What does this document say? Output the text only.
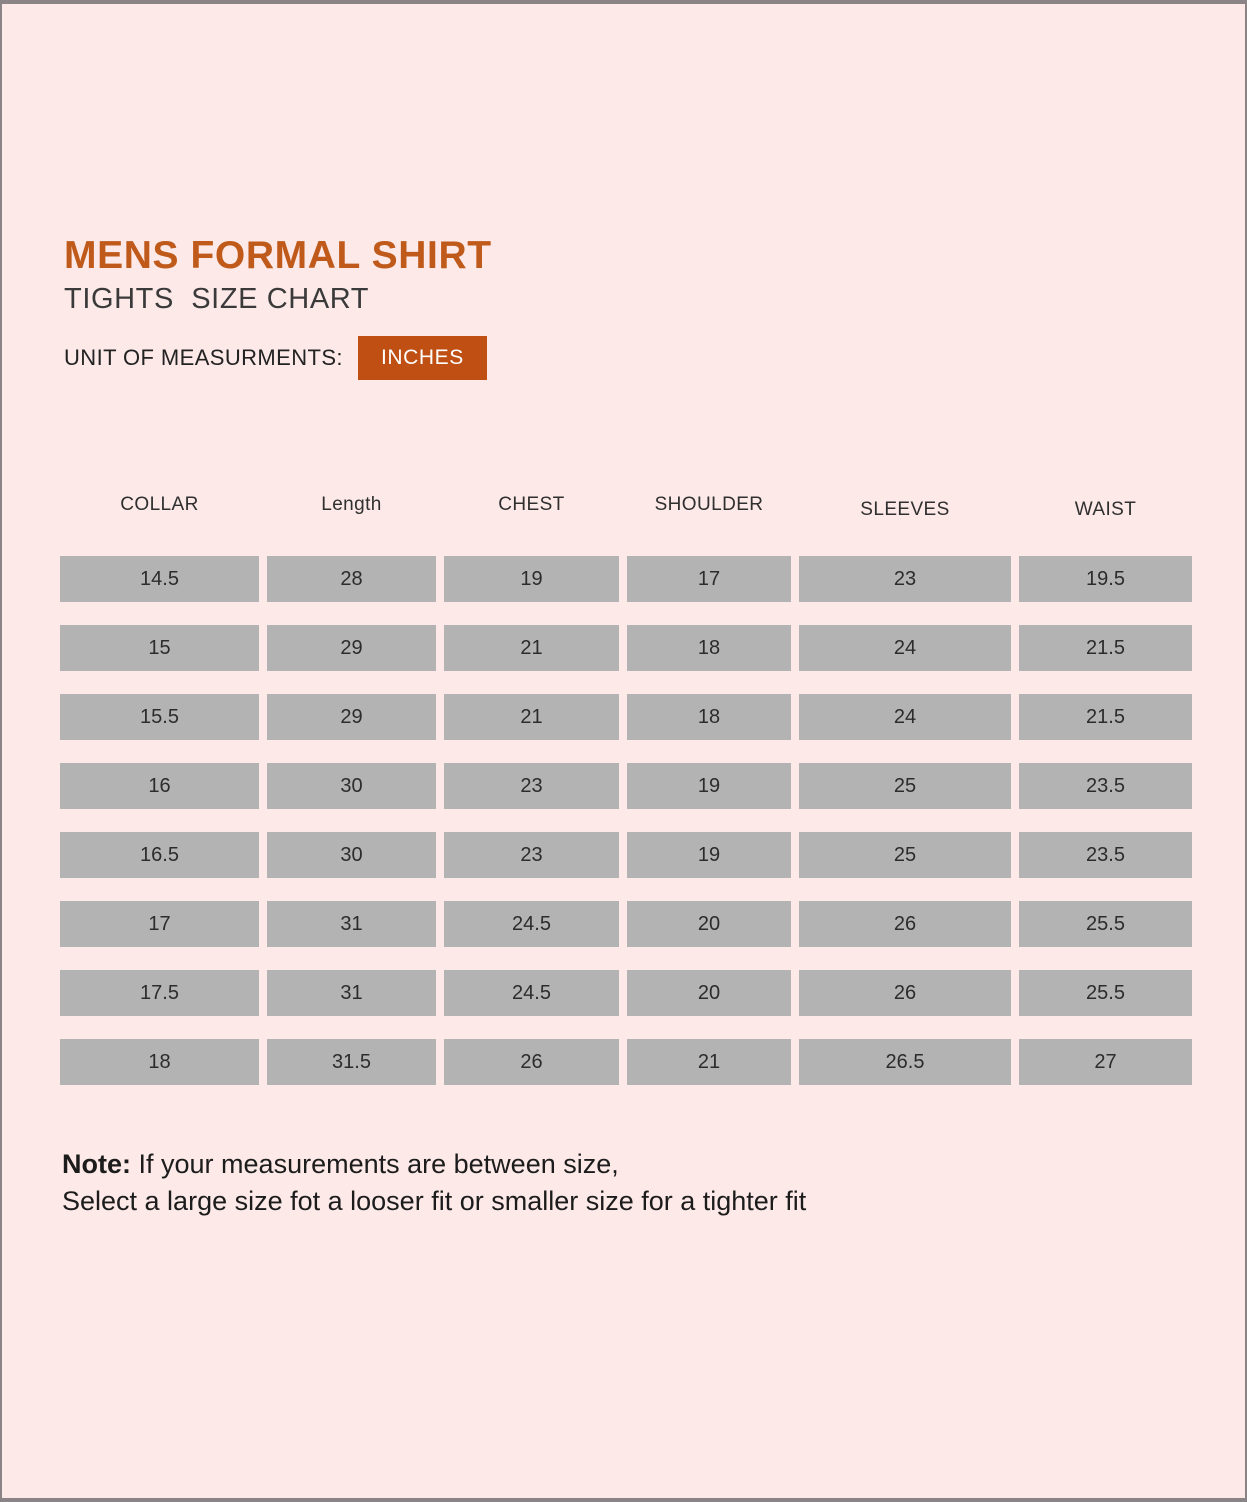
MENS FORMAL SHIRT
TIGHTS  SIZE CHART
UNIT OF MEASURMENTS:	INCHES
COLLAR	Length	CHEST	SHOULDER	SLEEVES	WAIST
14.5	28	19	17	23	19.5
15	29	21	18	24	21.5
15.5	29	21	18	24	21.5
16	30	23	19	25	23.5
16.5	30	23	19	25	23.5
17	31	24.5	20	26	25.5
17.5	31	24.5	20	26	25.5
18	31.5	26	21	26.5	27
Note: If your measurements are between size,
Select a large size fot a looser fit or smaller size for a tighter fit
